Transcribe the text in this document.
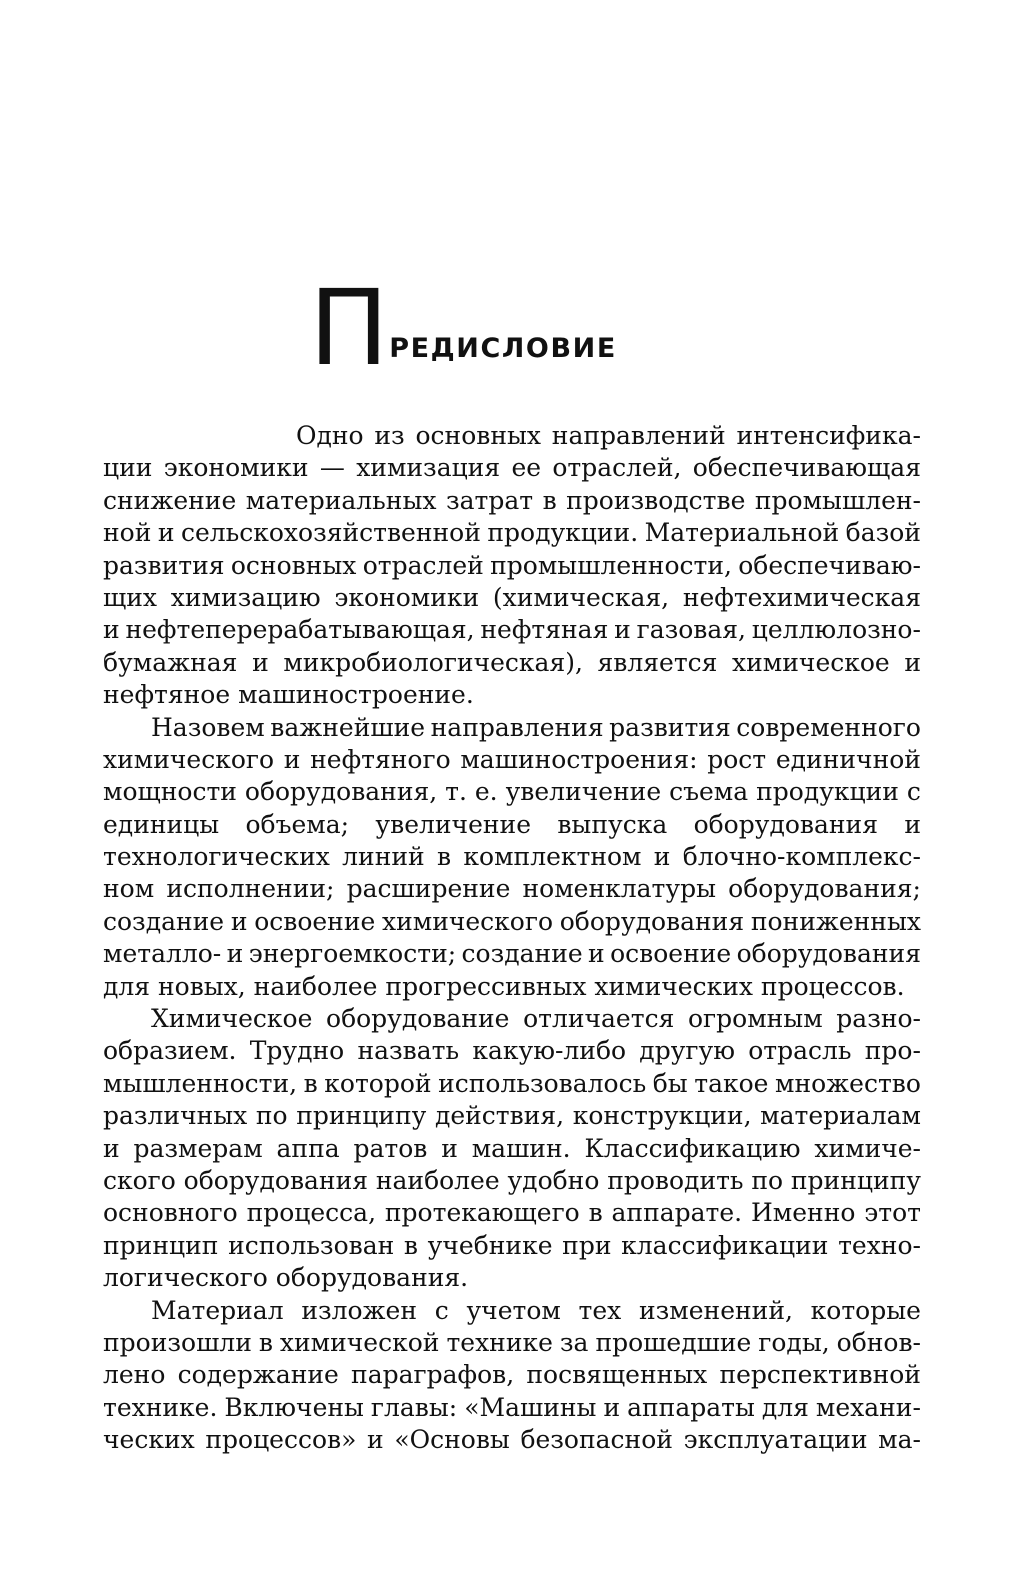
П РЕДИСЛОВИЕ
Одно из основных направлений интенсифика-
ции экономики — химизация ее отраслей, обеспечивающая
снижение материальных затрат в производстве промышлен-
ной и сельскохозяйственной продукции. Материальной базой
развития основных отраслей промышленности, обеспечиваю-
щих химизацию экономики (химическая, нефтехимическая
и нефтеперерабатывающая, нефтяная и газовая, целлюлозно-
бумажная и микробиологическая), является химическое и
нефтяное машиностроение.
Назовем важнейшие направления развития современного
химического и нефтяного машиностроения: рост единичной
мощности оборудования, т. е. увеличение съема продукции с
единицы объема; увеличение выпуска оборудования и
технологических линий в комплектном и блочно-комплекс-
ном исполнении; расширение номенклатуры оборудования;
создание и освоение химического оборудования пониженных
металло- и энергоемкости; создание и освоение оборудования
для новых, наиболее прогрессивных химических процессов.
Химическое оборудование отличается огромным разно-
образием. Трудно назвать какую-либо другую отрасль про-
мышленности, в которой использовалось бы такое множество
различных по принципу действия, конструкции, материалам
и размерам аппа ратов и машин. Классификацию химиче-
ского оборудования наиболее удобно проводить по принципу
основного процесса, протекающего в аппарате. Именно этот
принцип использован в учебнике при классификации техно-
логического оборудования.
Материал изложен с учетом тех изменений, которые
произошли в химической технике за прошедшие годы, обнов-
лено содержание параграфов, посвященных перспективной
технике. Включены главы: «Машины и аппараты для механи-
ческих процессов» и «Основы безопасной эксплуатации ма-
